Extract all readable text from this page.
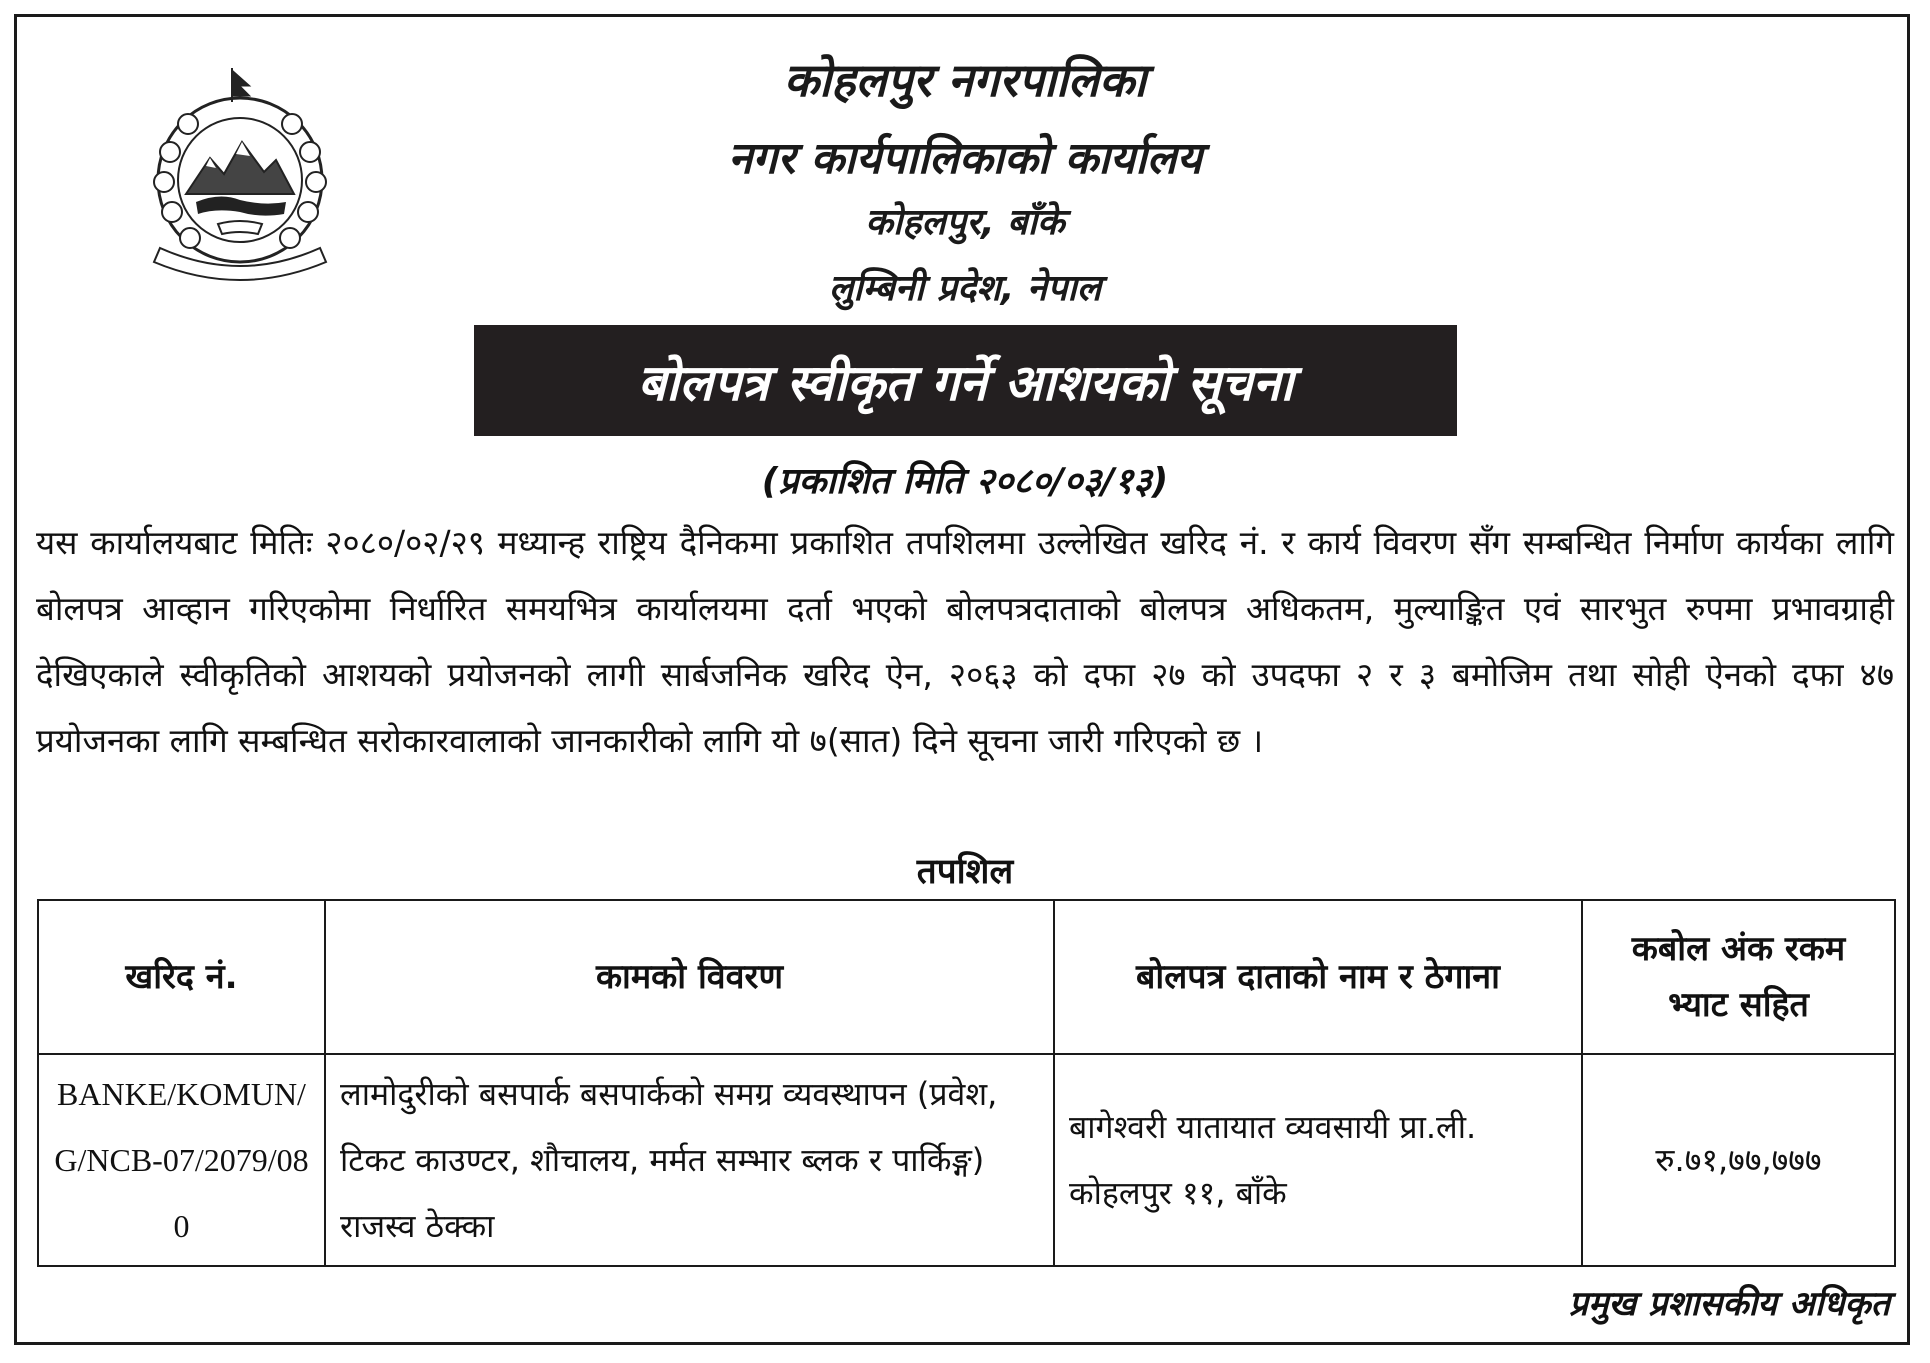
कोहलपुर नगरपालिका
नगर कार्यपालिकाको कार्यालय
कोहलपुर, बाँके
लुम्बिनी प्रदेश, नेपाल
बोलपत्र स्वीकृत गर्ने आशयको सूचना
(प्रकाशित मिति २०८०/०३/१३)
यस कार्यालयबाट मितिः २०८०/०२/२९ मध्यान्ह राष्ट्रिय दैनिकमा प्रकाशित तपशिलमा उल्लेखित खरिद नं. र कार्य विवरण सँग सम्बन्धित निर्माण कार्यका लागि बोलपत्र आव्हान गरिएकोमा निर्धारित समयभित्र कार्यालयमा दर्ता भएको बोलपत्रदाताको बोलपत्र अधिकतम, मुल्याङ्कित एवं सारभुत रुपमा प्रभावग्राही देखिएकाले स्वीकृतिको आशयको प्रयोजनको लागी सार्बजनिक खरिद ऐन, २०६३ को दफा २७ को उपदफा २ र ३ बमोजिम तथा सोही ऐनको दफा ४७ प्रयोजनका लागि सम्बन्धित सरोकारवालाको जानकारीको लागि यो ७(सात) दिने सूचना जारी गरिएको छ ।
तपशिल
खरिद नं.	कामको विवरण	बोलपत्र दाताको नाम र ठेगाना	कबोल अंक रकम भ्याट सहित
BANKE/KOMUN/G/NCB-07/2079/080	लामोदुरीको बसपार्क बसपार्कको समग्र व्यवस्थापन (प्रवेश, टिकट काउण्टर, शौचालय, मर्मत सम्भार ब्लक र पार्किङ्ग) राजस्व ठेक्का	बागेश्वरी यातायात व्यवसायी प्रा.ली. कोहलपुर ११, बाँके	रु.७१,७७,७७७
प्रमुख प्रशासकीय अधिकृत
